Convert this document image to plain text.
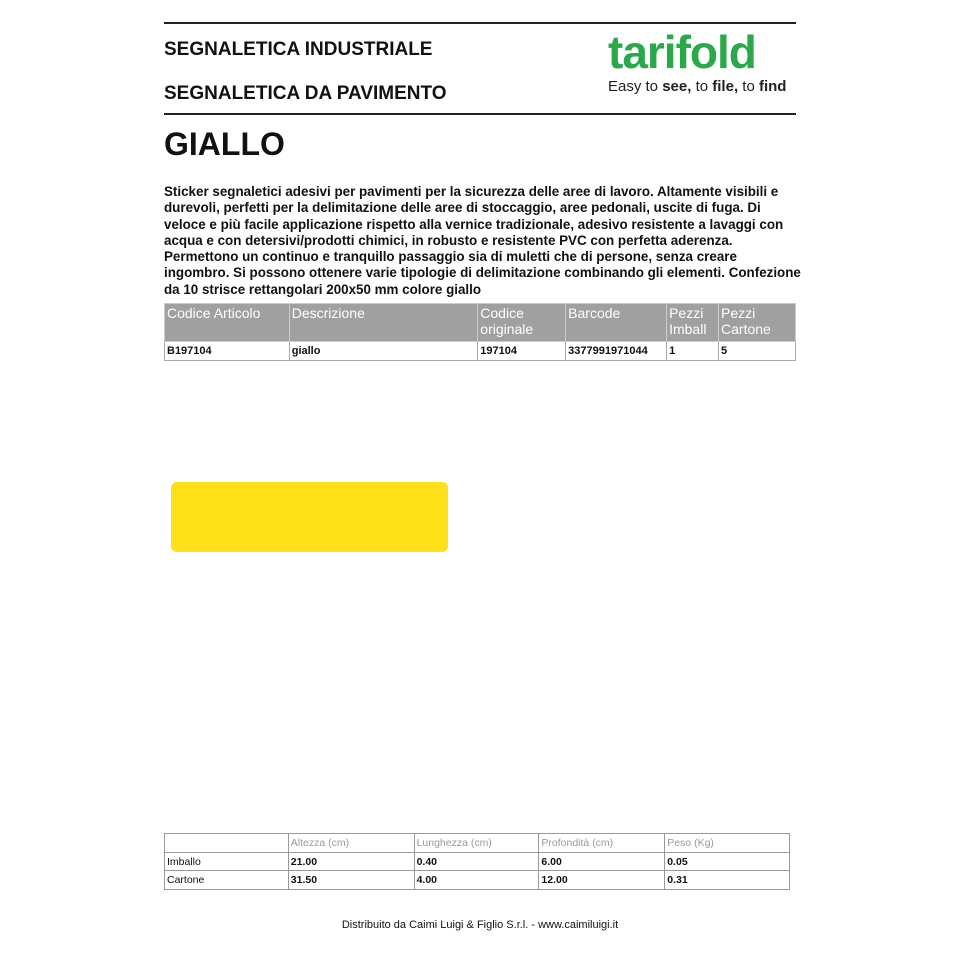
SEGNALETICA INDUSTRIALE
SEGNALETICA DA PAVIMENTO
tarifold
Easy to see, to file, to find
GIALLO
Sticker segnaletici adesivi per pavimenti per la sicurezza delle aree di lavoro. Altamente visibili e durevoli, perfetti per la delimitazione delle aree di stoccaggio, aree pedonali, uscite di fuga. Di veloce e più facile applicazione rispetto alla vernice tradizionale, adesivo resistente a lavaggi con acqua e con detersivi/prodotti chimici, in robusto e resistente PVC con perfetta aderenza. Permettono un continuo e tranquillo passaggio sia di muletti che di persone, senza creare ingombro. Si possono ottenere varie tipologie di delimitazione combinando gli elementi. Confezione da 10 strisce rettangolari 200x50 mm colore giallo
Codice Articolo	Descrizione	Codice originale	Barcode	Pezzi Imball	Pezzi Cartone
B197104	giallo	197104	3377991971044	1	5
	Altezza (cm)	Lunghezza (cm)	Profondità (cm)	Peso (Kg)
Imballo	21.00	0.40	6.00	0.05
Cartone	31.50	4.00	12.00	0.31
Distribuito da Caimi Luigi & Figlio S.r.l. - www.caimiluigi.it
